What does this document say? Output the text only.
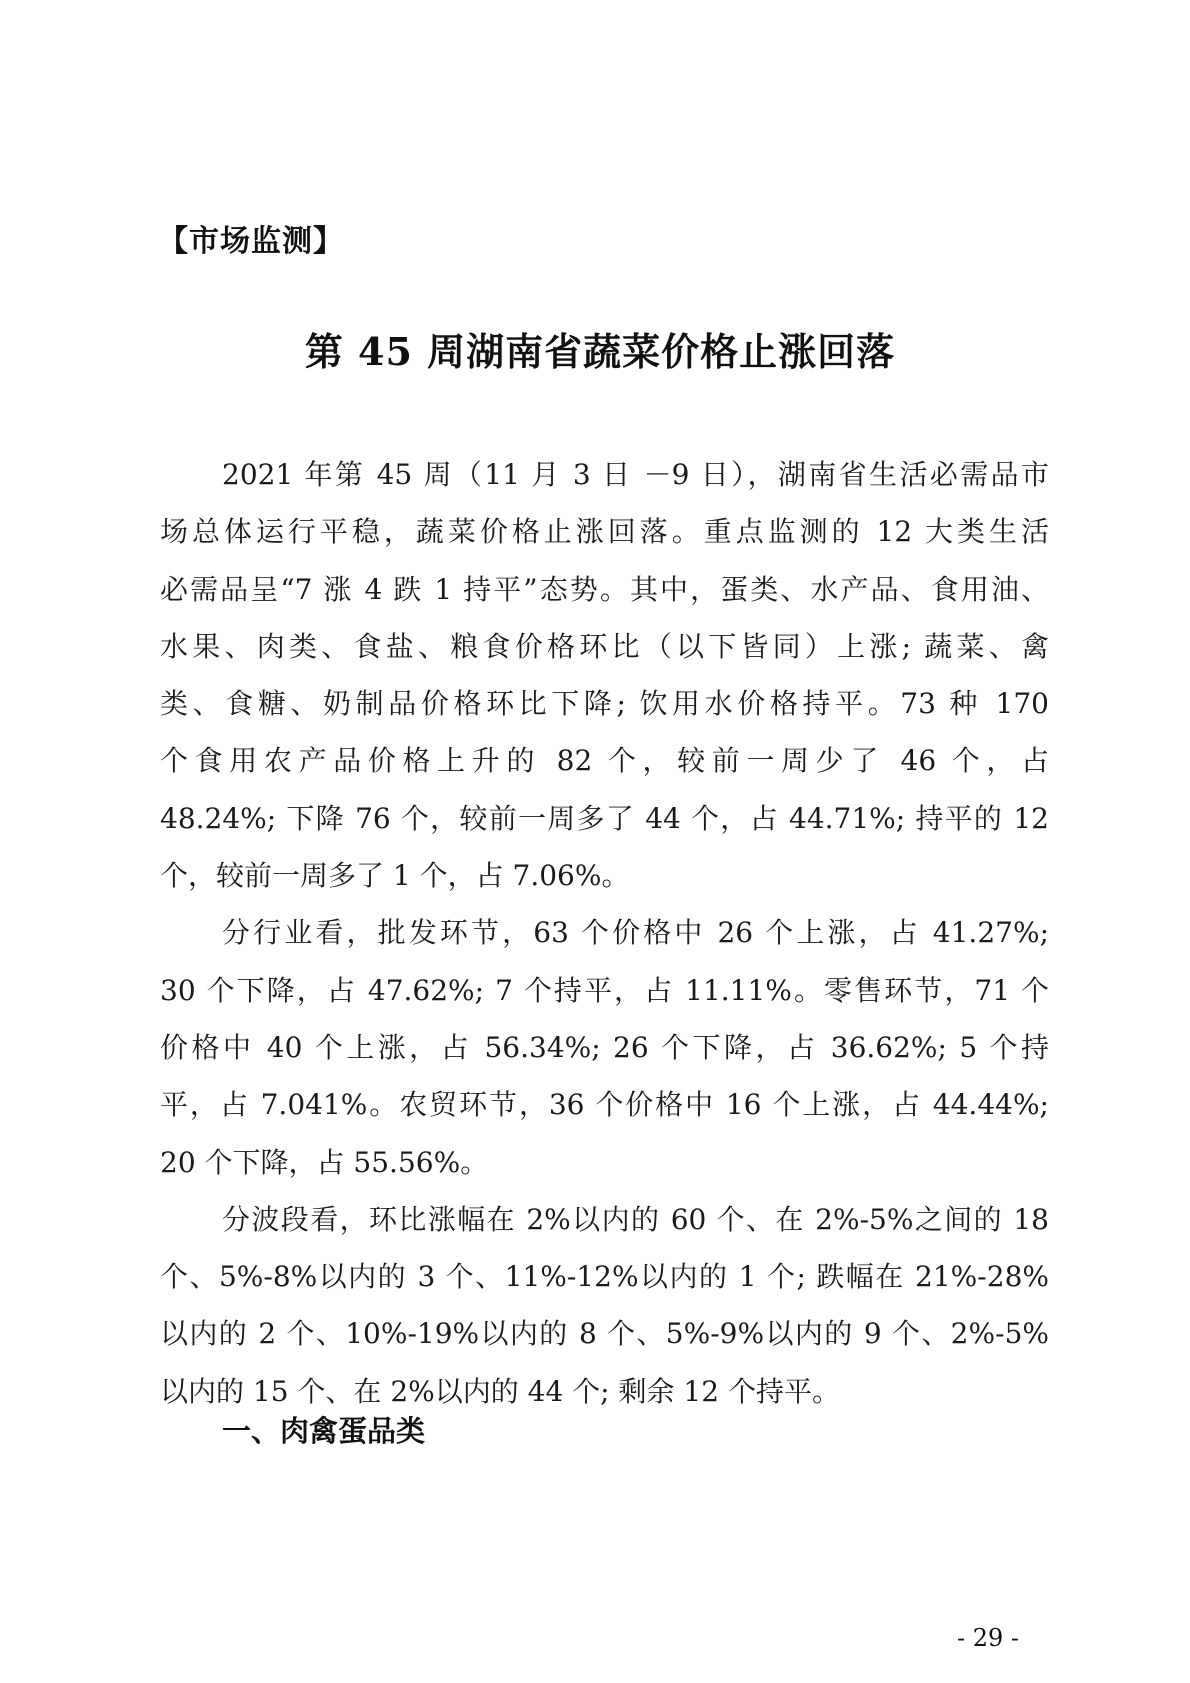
【市场监测】
第 45 周湖南省蔬菜价格止涨回落
2021 年第 45 周（11 月 3 日 －9 日），湖南省生活必需品市
场总体运行平稳，蔬菜价格止涨回落。重点监测的 12 大类生活
必需品呈“7 涨 4 跌 1 持平”态势。其中，蛋类、水产品、食用油、
水果、肉类、食盐、粮食价格环比（以下皆同）上涨; 蔬菜、禽
类、食糖、奶制品价格环比下降; 饮用水价格持平。73 种 170
个食用农产品价格上升的 82 个，较前一周少了 46 个，占
48.24%; 下降 76 个，较前一周多了 44 个，占 44.71%; 持平的 12
个，较前一周多了 1 个，占 7.06%。
分行业看，批发环节，63 个价格中 26 个上涨，占 41.27%;
30 个下降，占 47.62%; 7 个持平，占 11.11%。零售环节，71 个
价格中 40 个上涨，占 56.34%; 26 个下降，占 36.62%; 5 个持
平，占 7.041%。农贸环节，36 个价格中 16 个上涨，占 44.44%;
20 个下降，占 55.56%。
分波段看，环比涨幅在 2%以内的 60 个、在 2%-5%之间的 18
个、5%-8%以内的 3 个、11%-12%以内的 1 个; 跌幅在 21%-28%
以内的 2 个、10%-19%以内的 8 个、5%-9%以内的 9 个、2%-5%
以内的 15 个、在 2%以内的 44 个; 剩余 12 个持平。
一、肉禽蛋品类
- 29 -
